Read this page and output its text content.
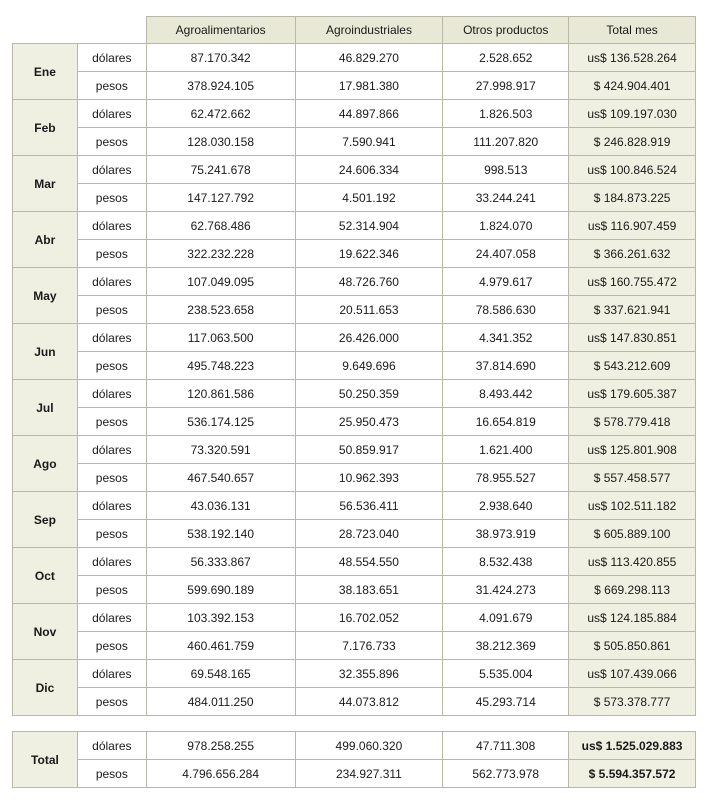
		Agroalimentarios	Agroindustriales	Otros productos	Total mes
Ene	dólares	87.170.342	46.829.270	2.528.652	us$ 136.528.264
	pesos	378.924.105	17.981.380	27.998.917	$ 424.904.401
Feb	dólares	62.472.662	44.897.866	1.826.503	us$ 109.197.030
	pesos	128.030.158	7.590.941	111.207.820	$ 246.828.919
Mar	dólares	75.241.678	24.606.334	998.513	us$ 100.846.524
	pesos	147.127.792	4.501.192	33.244.241	$ 184.873.225
Abr	dólares	62.768.486	52.314.904	1.824.070	us$ 116.907.459
	pesos	322.232.228	19.622.346	24.407.058	$ 366.261.632
May	dólares	107.049.095	48.726.760	4.979.617	us$ 160.755.472
	pesos	238.523.658	20.511.653	78.586.630	$ 337.621.941
Jun	dólares	117.063.500	26.426.000	4.341.352	us$ 147.830.851
	pesos	495.748.223	9.649.696	37.814.690	$ 543.212.609
Jul	dólares	120.861.586	50.250.359	8.493.442	us$ 179.605.387
	pesos	536.174.125	25.950.473	16.654.819	$ 578.779.418
Ago	dólares	73.320.591	50.859.917	1.621.400	us$ 125.801.908
	pesos	467.540.657	10.962.393	78.955.527	$ 557.458.577
Sep	dólares	43.036.131	56.536.411	2.938.640	us$ 102.511.182
	pesos	538.192.140	28.723.040	38.973.919	$ 605.889.100
Oct	dólares	56.333.867	48.554.550	8.532.438	us$ 113.420.855
	pesos	599.690.189	38.183.651	31.424.273	$ 669.298.113
Nov	dólares	103.392.153	16.702.052	4.091.679	us$ 124.185.884
	pesos	460.461.759	7.176.733	38.212.369	$ 505.850.861
Dic	dólares	69.548.165	32.355.896	5.535.004	us$ 107.439.066
	pesos	484.011.250	44.073.812	45.293.714	$ 573.378.777
Total	dólares	978.258.255	499.060.320	47.711.308	us$ 1.525.029.883
	pesos	4.796.656.284	234.927.311	562.773.978	$ 5.594.357.572
